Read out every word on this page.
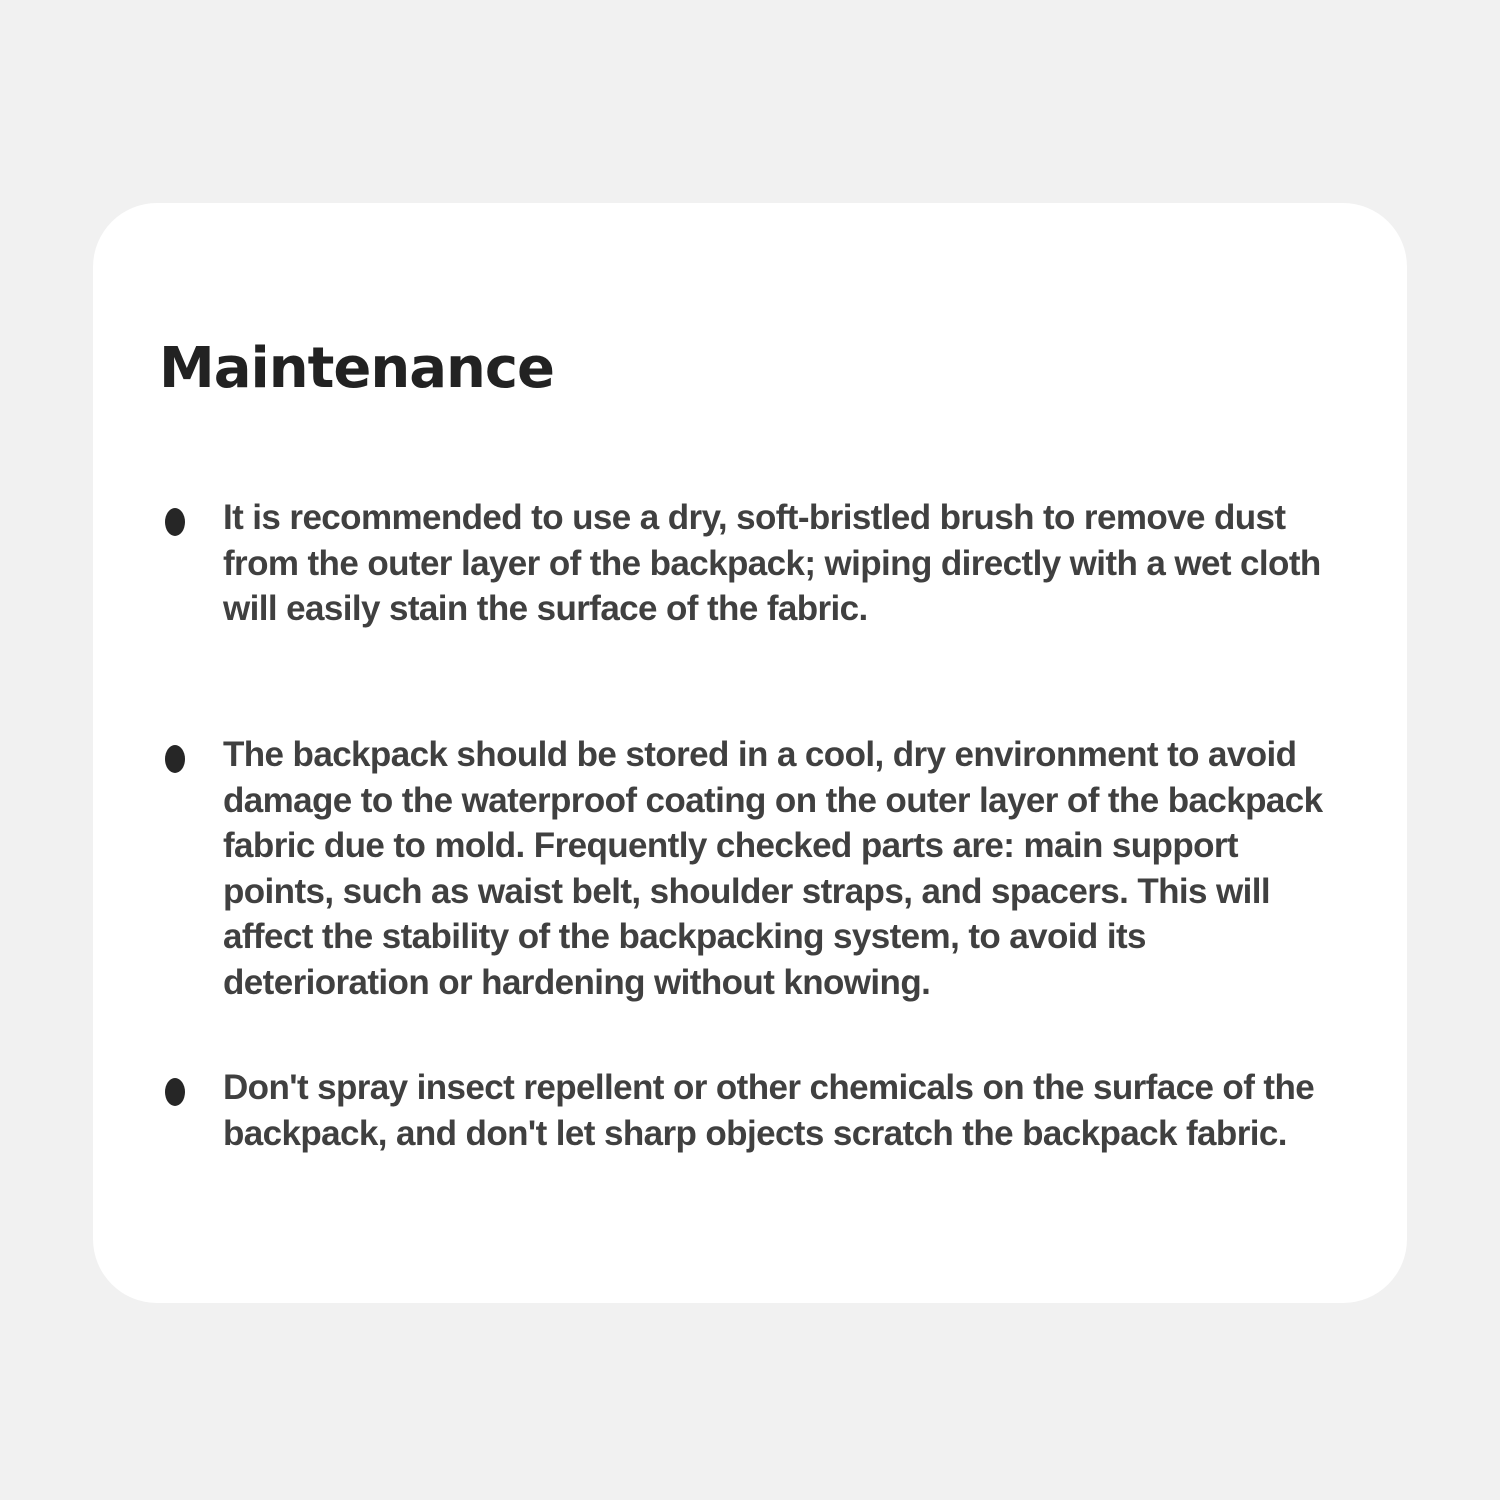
Maintenance

It is recommended to use a dry, soft-bristled brush to remove dust from the outer layer of the backpack; wiping directly with a wet cloth will easily stain the surface of the fabric.

The backpack should be stored in a cool, dry environment to avoid damage to the waterproof coating on the outer layer of the backpack fabric due to mold. Frequently checked parts are: main support points, such as waist belt, shoulder straps, and spacers. This will affect the stability of the backpacking system, to avoid its deterioration or hardening without knowing.

Don't spray insect repellent or other chemicals on the surface of the backpack, and don't let sharp objects scratch the backpack fabric.
